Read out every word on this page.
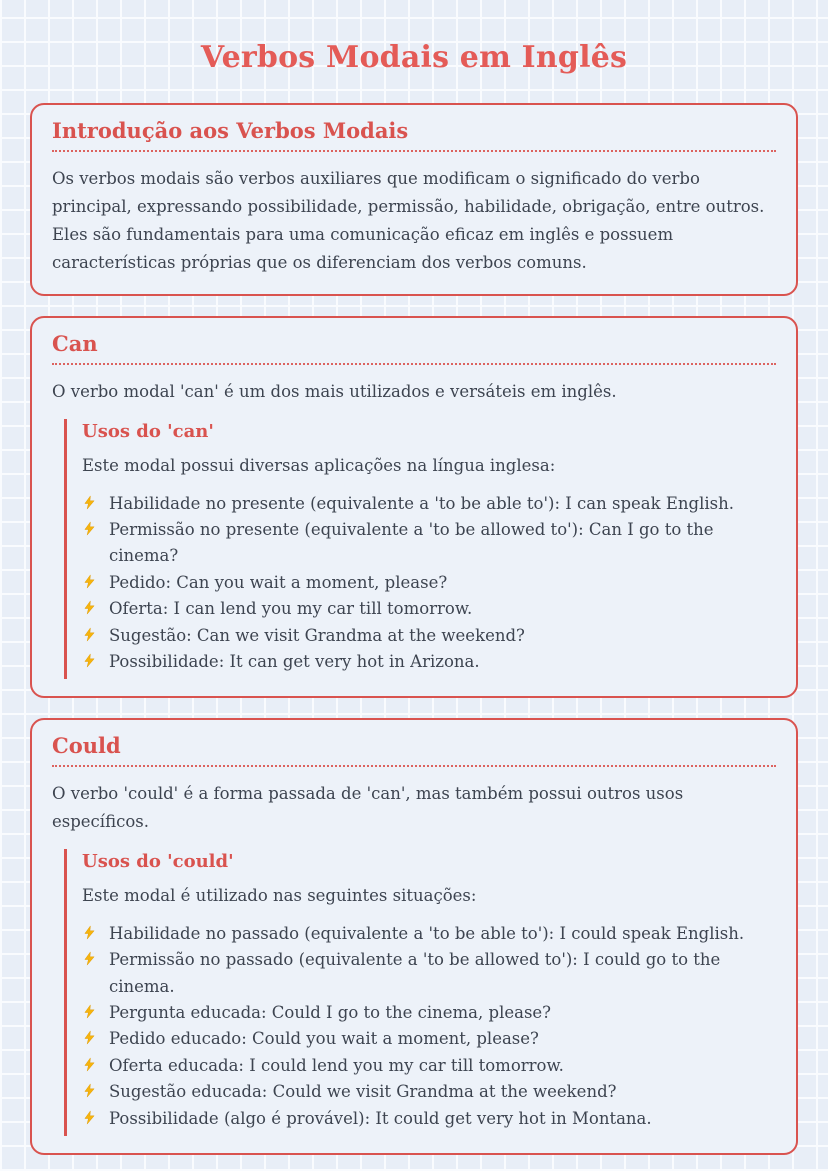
Verbos Modais em Inglês
Introdução aos Verbos Modais

Os verbos modais são verbos auxiliares que modificam o significado do verbo principal, expressando possibilidade, permissão, habilidade, obrigação, entre outros. Eles são fundamentais para uma comunicação eficaz em inglês e possuem características próprias que os diferenciam dos verbos comuns.

Can

O verbo modal 'can' é um dos mais utilizados e versáteis em inglês.

Usos do 'can'

Este modal possui diversas aplicações na língua inglesa:

Habilidade no presente (equivalente a 'to be able to'): I can speak English.
Permissão no presente (equivalente a 'to be allowed to'): Can I go to the cinema?
Pedido: Can you wait a moment, please?
Oferta: I can lend you my car till tomorrow.
Sugestão: Can we visit Grandma at the weekend?
Possibilidade: It can get very hot in Arizona.
Could

O verbo 'could' é a forma passada de 'can', mas também possui outros usos específicos.

Usos do 'could'

Este modal é utilizado nas seguintes situações:

Habilidade no passado (equivalente a 'to be able to'): I could speak English.
Permissão no passado (equivalente a 'to be allowed to'): I could go to the cinema.
Pergunta educada: Could I go to the cinema, please?
Pedido educado: Could you wait a moment, please?
Oferta educada: I could lend you my car till tomorrow.
Sugestão educada: Could we visit Grandma at the weekend?
Possibilidade (algo é provável): It could get very hot in Montana.
